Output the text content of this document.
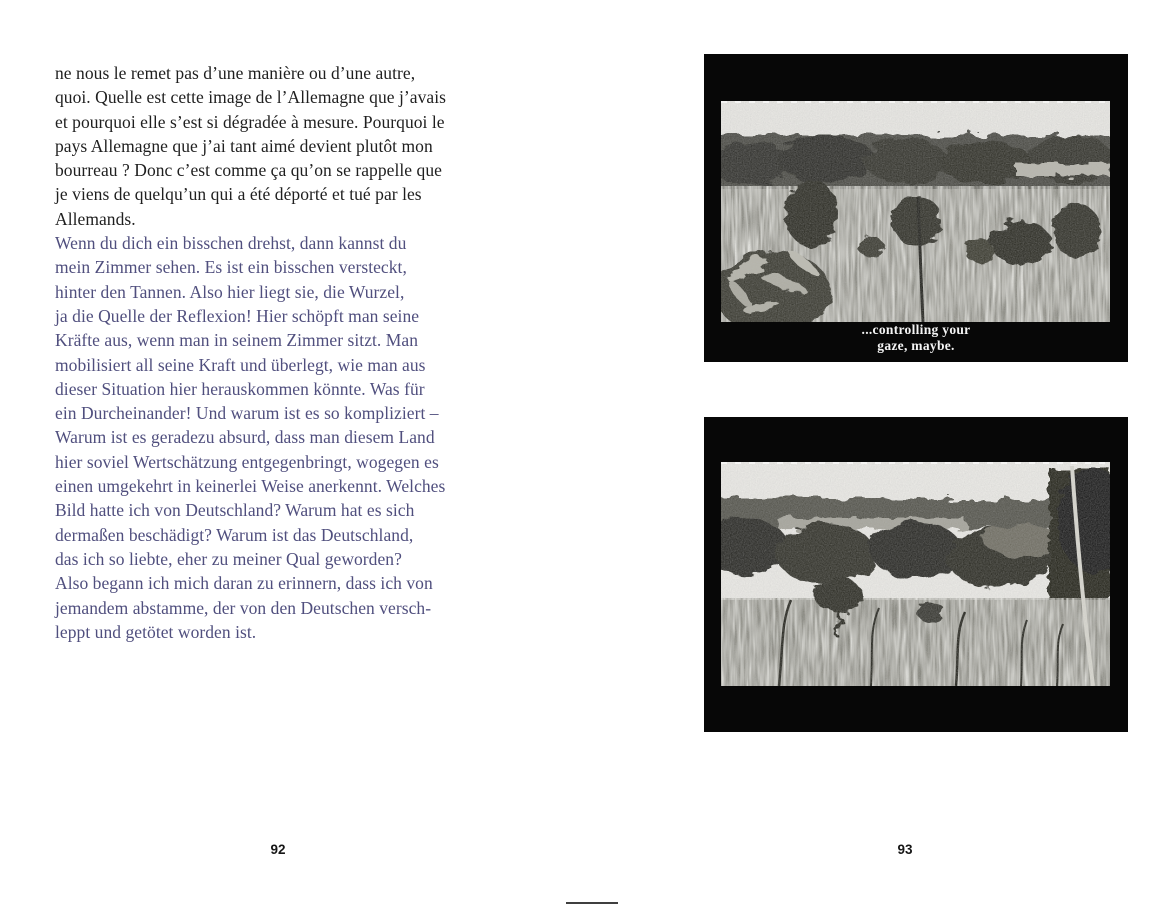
ne nous le remet pas d’une manière ou d’une autre,
quoi. Quelle est cette image de l’Allemagne que j’avais
et pourquoi elle s’est si dégradée à mesure. Pourquoi le
pays Allemagne que j’ai tant aimé devient plutôt mon
bourreau ? Donc c’est comme ça qu’on se rappelle que
je viens de quelqu’un qui a été déporté et tué par les
Allemands.
Wenn du dich ein bisschen drehst, dann kannst du
mein Zimmer sehen. Es ist ein bisschen versteckt,
hinter den Tannen. Also hier liegt sie, die Wurzel,
ja die Quelle der Reflexion! Hier schöpft man seine
Kräfte aus, wenn man in seinem Zimmer sitzt. Man
mobilisiert all seine Kraft und überlegt, wie man aus
dieser Situation hier herauskommen könnte. Was für
ein Durcheinander! Und warum ist es so kompliziert –
Warum ist es geradezu absurd, dass man diesem Land
hier soviel Wertschätzung entgegenbringt, wogegen es
einen umgekehrt in keinerlei Weise anerkennt. Welches
Bild hatte ich von Deutschland? Warum hat es sich
dermaßen beschädigt? Warum ist das Deutschland,
das ich so liebte, eher zu meiner Qual geworden?
Also begann ich mich daran zu erinnern, dass ich von
jemandem abstamme, der von den Deutschen versch-
leppt und getötet worden ist.
92
...controlling your
gaze, maybe.
93
